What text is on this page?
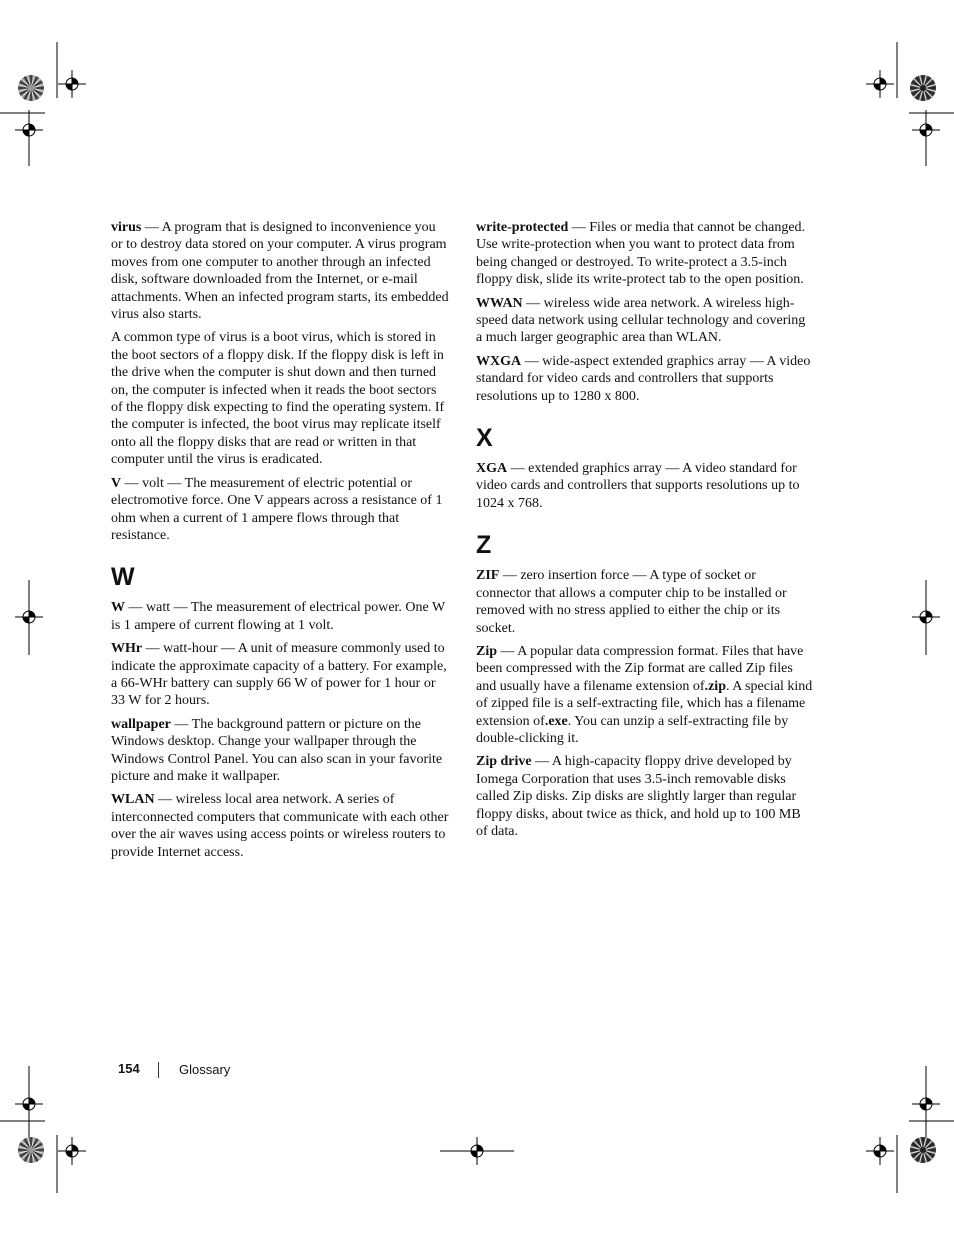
virus — A program that is designed to inconvenience you or to destroy data stored on your computer. A virus program moves from one computer to another through an infected disk, software downloaded from the Internet, or e-mail attachments. When an infected program starts, its embedded virus also starts.

A common type of virus is a boot virus, which is stored in the boot sectors of a floppy disk. If the floppy disk is left in the drive when the computer is shut down and then turned on, the computer is infected when it reads the boot sectors of the floppy disk expecting to find the operating system. If the computer is infected, the boot virus may replicate itself onto all the floppy disks that are read or written in that computer until the virus is eradicated.

V — volt — The measurement of electric potential or electromotive force. One V appears across a resistance of 1 ohm when a current of 1 ampere flows through that resistance.

W

W — watt — The measurement of electrical power. One W is 1 ampere of current flowing at 1 volt.

WHr — watt-hour — A unit of measure commonly used to indicate the approximate capacity of a battery. For example, a 66-WHr battery can supply 66 W of power for 1 hour or 33 W for 2 hours.

wallpaper — The background pattern or picture on the Windows desktop. Change your wallpaper through the Windows Control Panel. You can also scan in your favorite picture and make it wallpaper.

WLAN — wireless local area network. A series of interconnected computers that communicate with each other over the air waves using access points or wireless routers to provide Internet access.

write-protected — Files or media that cannot be changed. Use write-protection when you want to protect data from being changed or destroyed. To write-protect a 3.5-inch floppy disk, slide its write-protect tab to the open position.

WWAN — wireless wide area network. A wireless high-speed data network using cellular technology and covering a much larger geographic area than WLAN.

WXGA — wide-aspect extended graphics array — A video standard for video cards and controllers that supports resolutions up to 1280 x 800.

X

XGA — extended graphics array — A video standard for video cards and controllers that supports resolutions up to 1024 x 768.

Z

ZIF — zero insertion force — A type of socket or connector that allows a computer chip to be installed or removed with no stress applied to either the chip or its socket.

Zip — A popular data compression format. Files that have been compressed with the Zip format are called Zip files and usually have a filename extension of.zip. A special kind of zipped file is a self-extracting file, which has a filename extension of.exe. You can unzip a self-extracting file by double-clicking it.

Zip drive — A high-capacity floppy drive developed by Iomega Corporation that uses 3.5-inch removable disks called Zip disks. Zip disks are slightly larger than regular floppy disks, about twice as thick, and hold up to 100 MB of data.

154	Glossary
